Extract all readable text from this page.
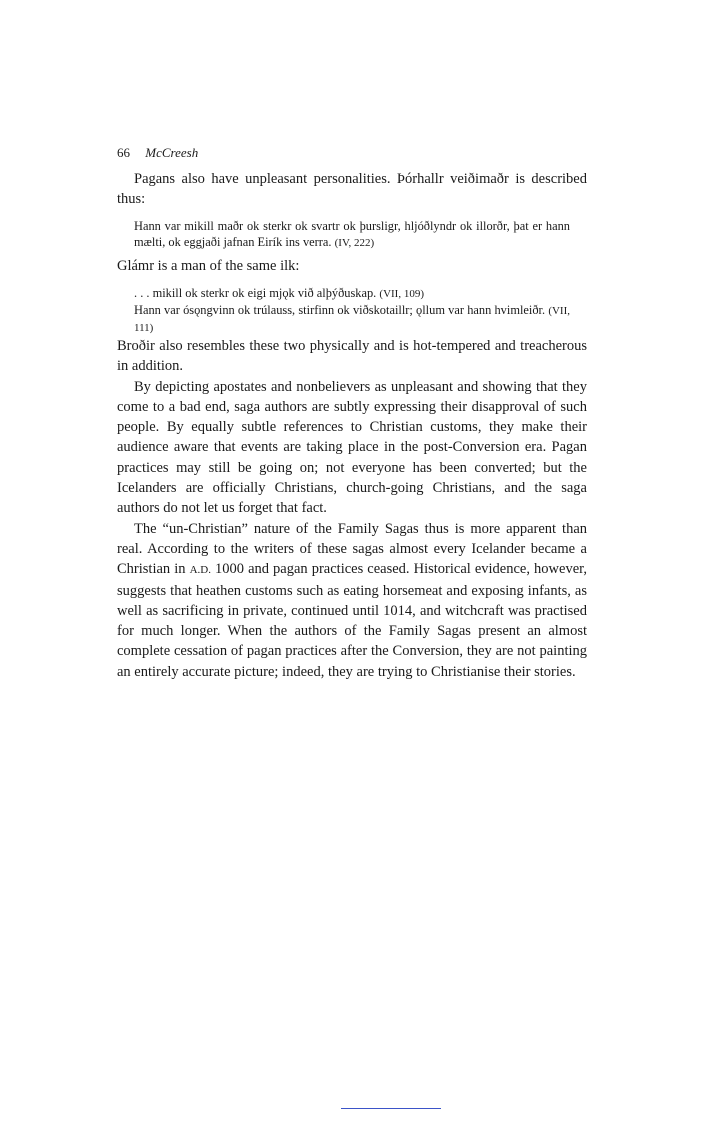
66 McCreesh

Pagans also have unpleasant personalities. Þórhallr veiðimaðr is described thus:

Hann var mikill maðr ok sterkr ok svartr ok þursligr, hljóðlyndr ok illorðr, þat er hann mælti, ok eggjaði jafnan Eirík ins verra. (IV, 222)

Glámr is a man of the same ilk:

. . . mikill ok sterkr ok eigi mjǫk við alþýðuskap. (VII, 109)

Hann var ósǫngvinn ok trúlauss, stirfinn ok viðskotaillr; ǫllum var hann hvimleiðr. (VII, 111)

Broðir also resembles these two physically and is hot-tempered and treacherous in addition.

By depicting apostates and nonbelievers as unpleasant and showing that they come to a bad end, saga authors are subtly expressing their disapproval of such people. By equally subtle references to Christian customs, they make their audience aware that events are taking place in the post-Conversion era. Pagan practices may still be going on; not everyone has been converted; but the Icelanders are officially Christians, church-going Christians, and the saga authors do not let us forget that fact.

The “un-Christian” nature of the Family Sagas thus is more apparent than real. According to the writers of these sagas almost every Icelander became a Christian in A.D. 1000 and pagan practices ceased. Historical evidence, however, suggests that heathen customs such as eating horsemeat and exposing infants, as well as sacrificing in private, continued until 1014, and witchcraft was practised for much longer. When the authors of the Family Sagas present an almost complete cessation of pagan practices after the Conversion, they are not painting an entirely accurate picture; indeed, they are trying to Christianise their stories.
